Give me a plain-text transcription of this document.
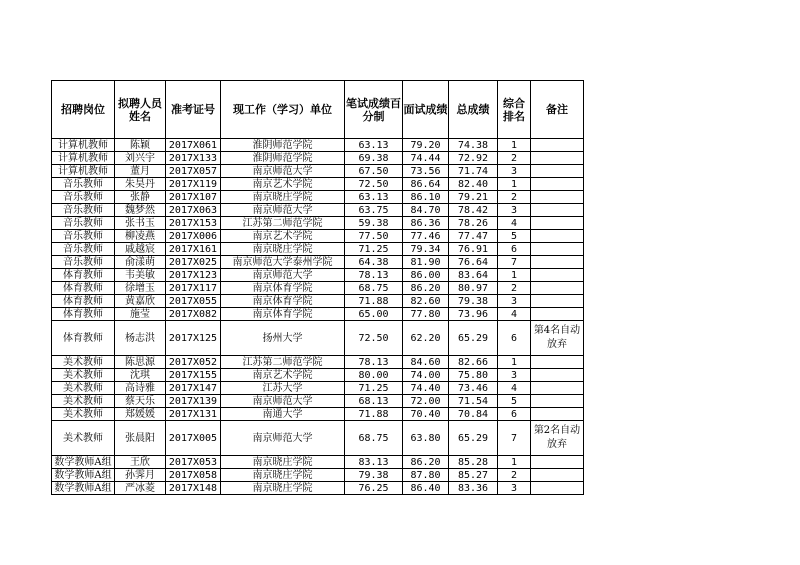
招聘岗位	拟聘人员姓名	准考证号	现工作（学习）单位	笔试成绩百分制	面试成绩	总成绩	综合排名	备注
计算机教师	陈颖	2017X061	淮阴师范学院	63.13	79.20	74.38	1	
计算机教师	刘兴宇	2017X133	淮阴师范学院	69.38	74.44	72.92	2	
计算机教师	董月	2017X057	南京师范大学	67.50	73.56	71.74	3	
音乐教师	朱昊丹	2017X119	南京艺术学院	72.50	86.64	82.40	1	
音乐教师	张静	2017X107	南京晓庄学院	63.13	86.10	79.21	2	
音乐教师	魏梦然	2017X063	南京师范大学	63.75	84.70	78.42	3	
音乐教师	张书玉	2017X153	江苏第二师范学院	59.38	86.36	78.26	4	
音乐教师	柳凌燕	2017X006	南京艺术学院	77.50	77.46	77.47	5	
音乐教师	戚越宸	2017X161	南京晓庄学院	71.25	79.34	76.91	6	
音乐教师	俞漾萌	2017X025	南京师范大学泰州学院	64.38	81.90	76.64	7	
体育教师	韦美敏	2017X123	南京师范大学	78.13	86.00	83.64	1	
体育教师	徐增玉	2017X117	南京体育学院	68.75	86.20	80.97	2	
体育教师	黄嘉欣	2017X055	南京体育学院	71.88	82.60	79.38	3	
体育教师	施莹	2017X082	南京体育学院	65.00	77.80	73.96	4	
体育教师	杨志洪	2017X125	扬州大学	72.50	62.20	65.29	6	第4名自动放弃
美术教师	陈思源	2017X052	江苏第二师范学院	78.13	84.60	82.66	1	
美术教师	沈琪	2017X155	南京艺术学院	80.00	74.00	75.80	3	
美术教师	高诗雅	2017X147	江苏大学	71.25	74.40	73.46	4	
美术教师	蔡天乐	2017X139	南京师范大学	68.13	72.00	71.54	5	
美术教师	郑媛媛	2017X131	南通大学	71.88	70.40	70.84	6	
美术教师	张晨阳	2017X005	南京师范大学	68.75	63.80	65.29	7	第2名自动放弃
数学教师A组	王欣	2017X053	南京晓庄学院	83.13	86.20	85.28	1	
数学教师A组	孙霁月	2017X058	南京晓庄学院	79.38	87.80	85.27	2	
数学教师A组	严冰菱	2017X148	南京晓庄学院	76.25	86.40	83.36	3	
